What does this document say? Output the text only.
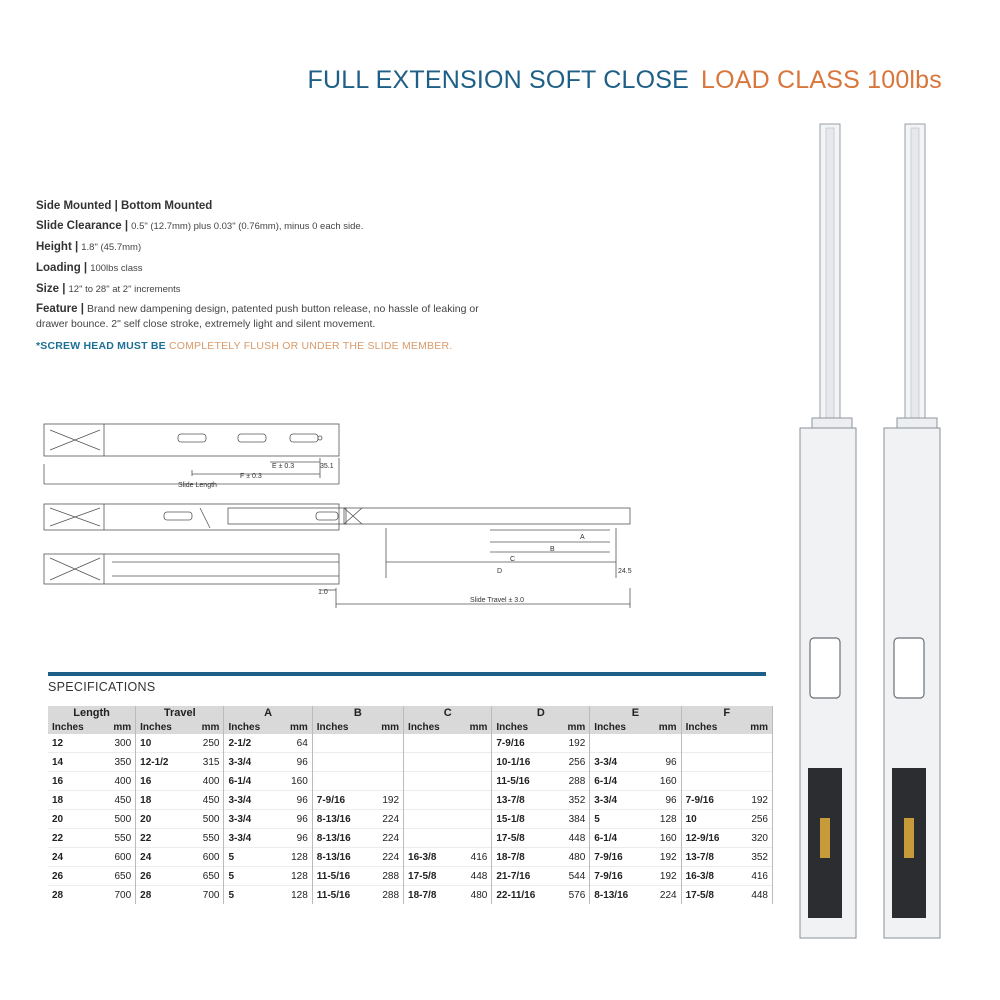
FULL EXTENSION SOFT CLOSE LOAD CLASS 100lbs
Side Mounted | Bottom Mounted
Slide Clearance | 0.5" (12.7mm) plus 0.03" (0.76mm), minus 0 each side.
Height | 1.8" (45.7mm)
Loading | 100lbs class
Size | 12" to 28" at 2" increments
Feature | Brand new dampening design, patented push button release, no hassle of leaking or drawer bounce. 2" self close stroke, extremely light and silent movement.
*SCREW HEAD MUST BE COMPLETELY FLUSH OR UNDER THE SLIDE MEMBER.
E ± 0.3	35.1
F ± 0.3
Slide Length
A
B
C
D	24.5
1.0
Slide Travel ± 3.0
SPECIFICATIONS
Length		Travel		A		B		C		D		E		F	
Inches	mm	Inches	mm	Inches	mm	Inches	mm	Inches	mm	Inches	mm	Inches	mm	Inches	mm
12	300	10	250	2-1/2	64					7-9/16	192				
14	350	12-1/2	315	3-3/4	96					10-1/16	256	3-3/4	96		
16	400	16	400	6-1/4	160					11-5/16	288	6-1/4	160		
18	450	18	450	3-3/4	96	7-9/16	192			13-7/8	352	3-3/4	96	7-9/16	192
20	500	20	500	3-3/4	96	8-13/16	224			15-1/8	384	5	128	10	256
22	550	22	550	3-3/4	96	8-13/16	224			17-5/8	448	6-1/4	160	12-9/16	320
24	600	24	600	5	128	8-13/16	224	16-3/8	416	18-7/8	480	7-9/16	192	13-7/8	352
26	650	26	650	5	128	11-5/16	288	17-5/8	448	21-7/16	544	7-9/16	192	16-3/8	416
28	700	28	700	5	128	11-5/16	288	18-7/8	480	22-11/16	576	8-13/16	224	17-5/8	448
